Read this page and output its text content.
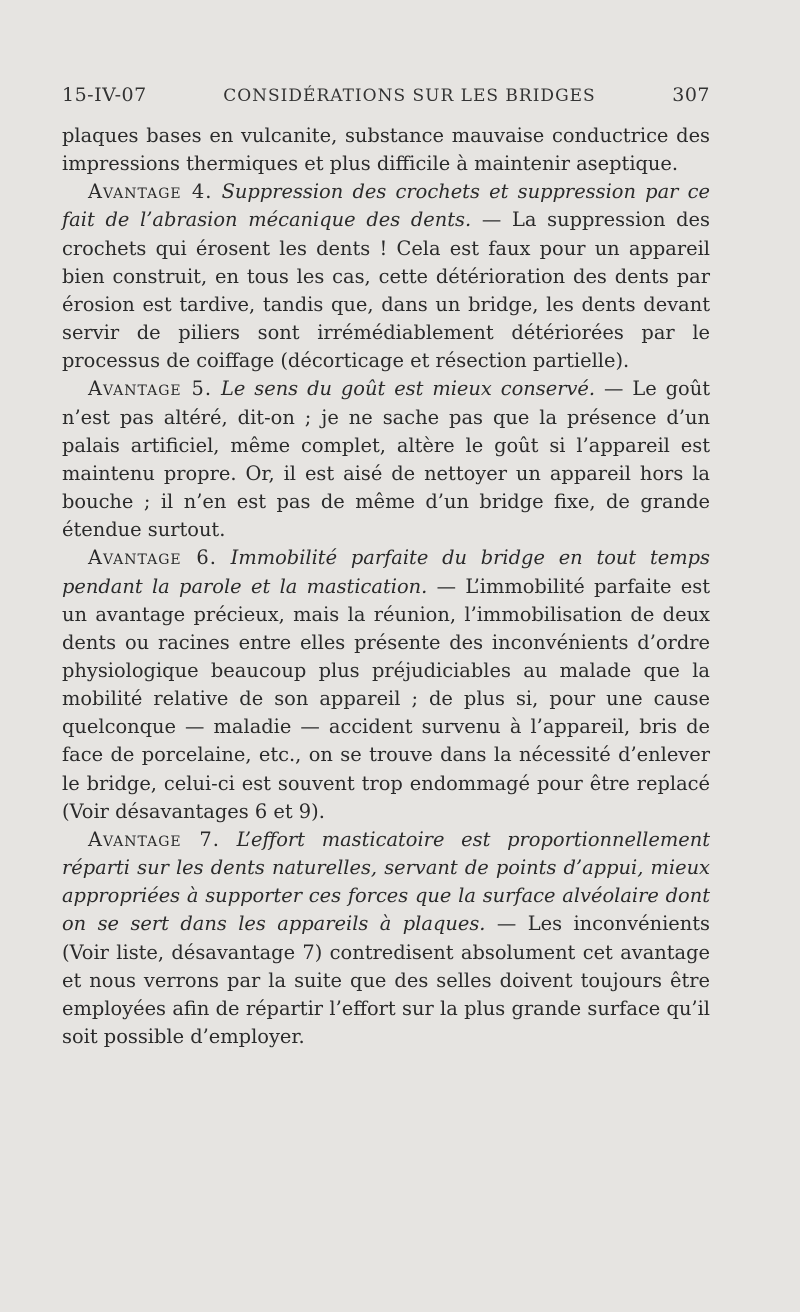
15-IV-07	CONSIDÉRATIONS SUR LES BRIDGES	307

plaques bases en vulcanite, substance mauvaise conductrice des impressions thermiques et plus difficile à maintenir aseptique.

Avantage 4. Suppression des crochets et suppression par ce fait de l’abrasion mécanique des dents. — La suppression des crochets qui érosent les dents ! Cela est faux pour un appareil bien construit, en tous les cas, cette détérioration des dents par érosion est tardive, tandis que, dans un bridge, les dents devant servir de piliers sont irrémédiablement détériorées par le processus de coiffage (décorticage et résection partielle).

Avantage 5. Le sens du goût est mieux conservé. — Le goût n’est pas altéré, dit-on ; je ne sache pas que la présence d’un palais artificiel, même complet, altère le goût si l’appareil est maintenu propre. Or, il est aisé de nettoyer un appareil hors la bouche ; il n’en est pas de même d’un bridge fixe, de grande étendue surtout.

Avantage 6. Immobilité parfaite du bridge en tout temps pendant la parole et la mastication. — L’immobilité parfaite est un avantage précieux, mais la réunion, l’immobilisation de deux dents ou racines entre elles présente des inconvénients d’ordre physiologique beaucoup plus préjudiciables au malade que la mobilité relative de son appareil ; de plus si, pour une cause quelconque — maladie — accident survenu à l’appareil, bris de face de porcelaine, etc., on se trouve dans la nécessité d’enlever le bridge, celui-ci est souvent trop endommagé pour être replacé (Voir désavantages 6 et 9).

Avantage 7. L’effort masticatoire est proportionnellement réparti sur les dents naturelles, servant de points d’appui, mieux appropriées à supporter ces forces que la surface alvéolaire dont on se sert dans les appareils à plaques. — Les inconvénients (Voir liste, désavantage 7) contredisent absolument cet avantage et nous verrons par la suite que des selles doivent toujours être employées afin de répartir l’effort sur la plus grande surface qu’il soit possible d’employer.
